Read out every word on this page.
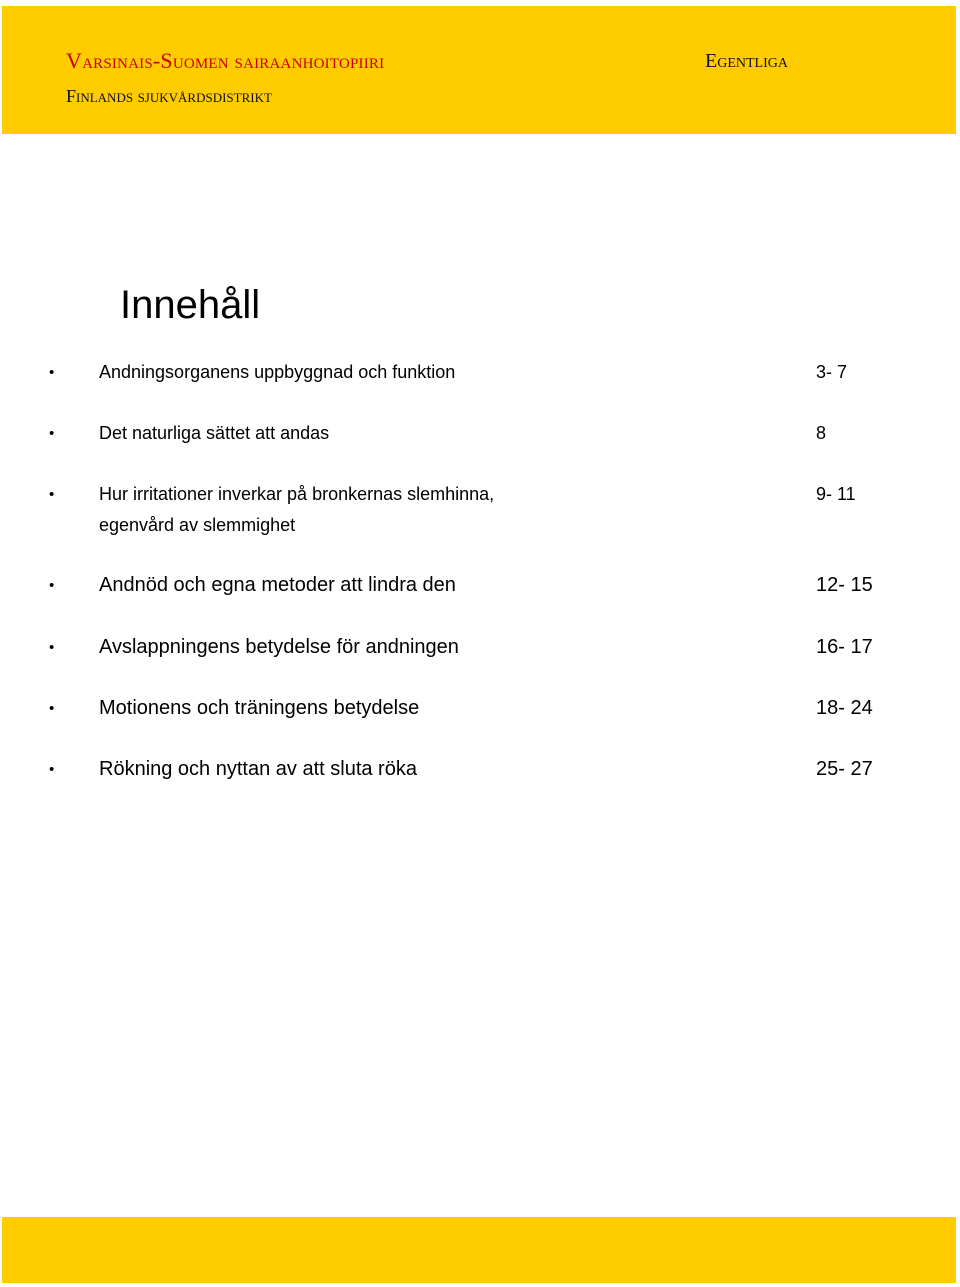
Varsinais-Suomen sairaanhoitopiiri
Finlands sjukvårdsdistrikt
Egentliga
Innehåll
• Andningsorganens uppbyggnad och funktion	3- 7
• Det naturliga sättet att andas	8
• Hur irritationer inverkar på bronkernas slemhinna,	9- 11
egenvård av slemmighet
• Andnöd och egna metoder att lindra den	12- 15
• Avslappningens betydelse för andningen	16- 17
• Motionens och träningens betydelse	18- 24
• Rökning och nyttan av att sluta röka	25- 27
